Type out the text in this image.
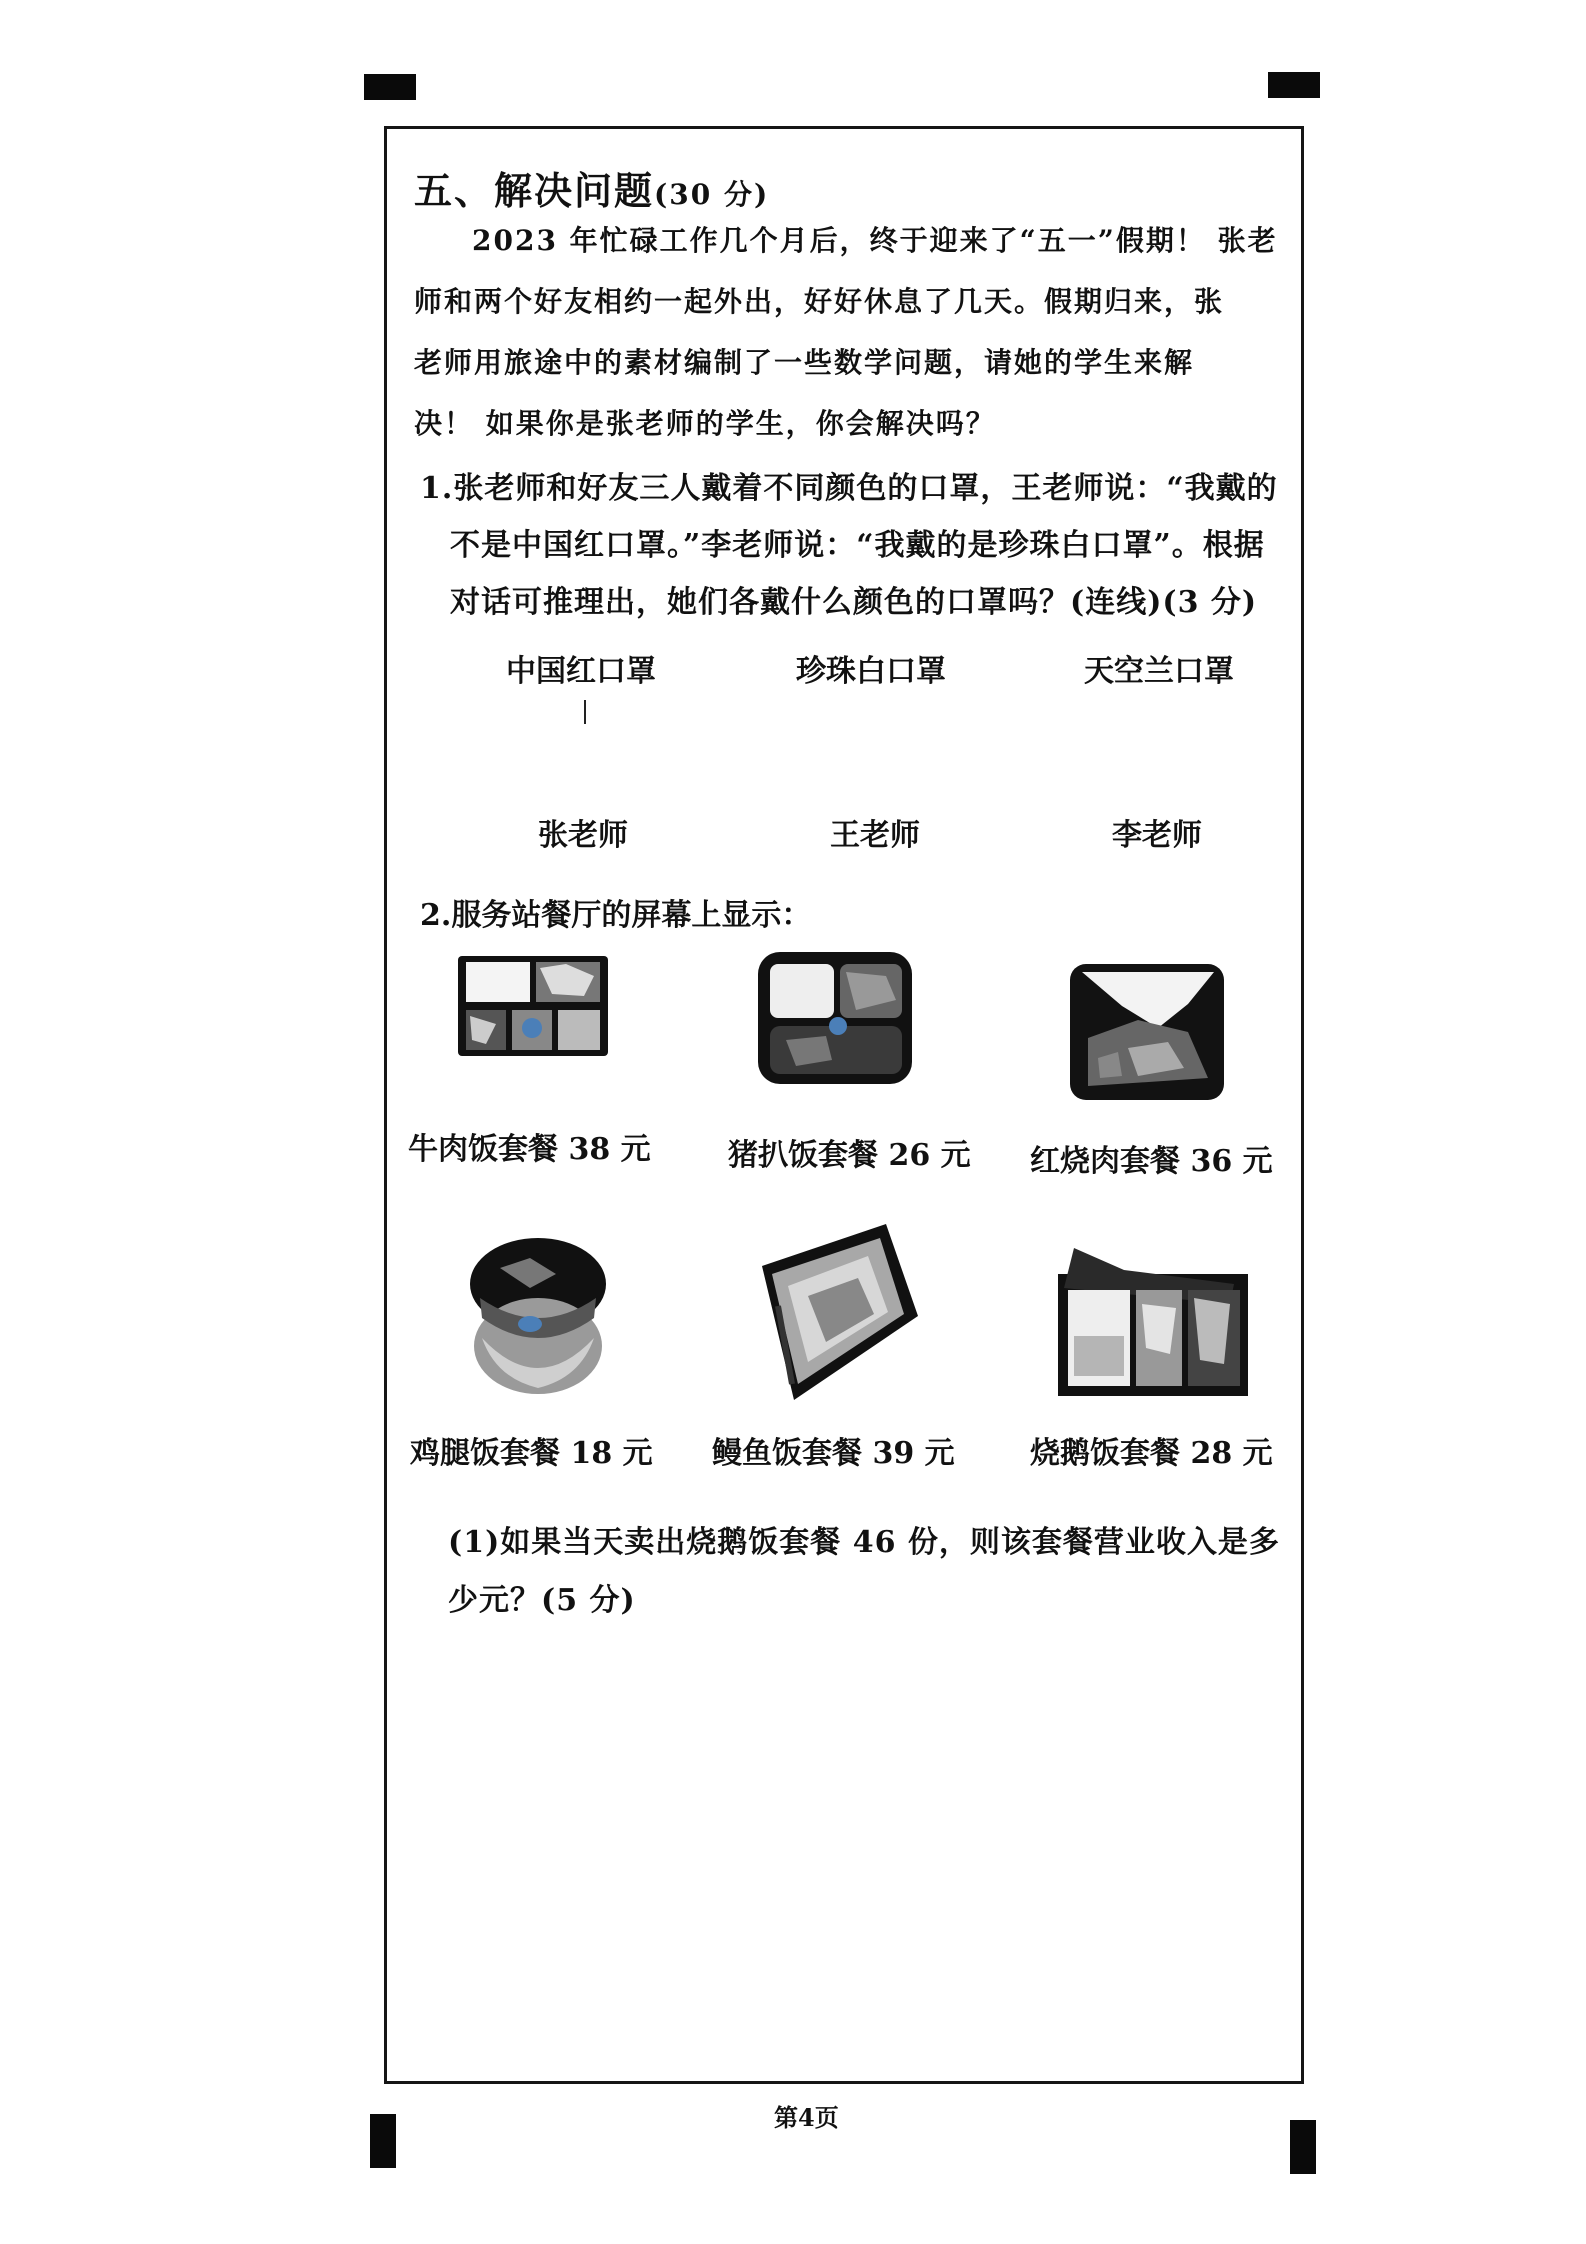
五、解决问题(30 分)
2023 年忙碌工作几个月后，终于迎来了“五一”假期！ 张老
师和两个好友相约一起外出，好好休息了几天。假期归来，张
老师用旅途中的素材编制了一些数学问题，请她的学生来解
决！ 如果你是张老师的学生，你会解决吗？
1.张老师和好友三人戴着不同颜色的口罩，王老师说：“我戴的
不是中国红口罩。”李老师说：“我戴的是珍珠白口罩”。根据
对话可推理出，她们各戴什么颜色的口罩吗？(连线)(3 分)
中国红口罩	珍珠白口罩	天空兰口罩
张老师	王老师	李老师
2.服务站餐厅的屏幕上显示：
牛肉饭套餐 38 元	猪扒饭套餐 26 元 红烧肉套餐 36 元
鸡腿饭套餐 18 元 鳗鱼饭套餐 39 元	烧鹅饭套餐 28 元
(1)如果当天卖出烧鹅饭套餐 46 份，则该套餐营业收入是多
少元？(5 分)
第4页
